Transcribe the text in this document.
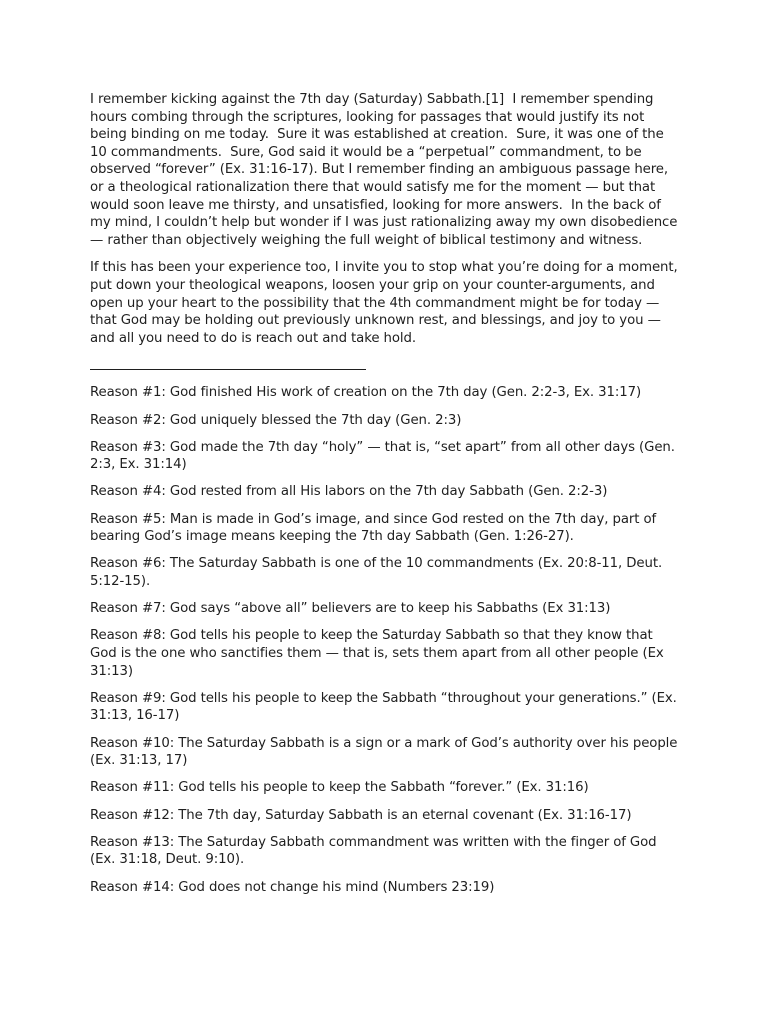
I remember kicking against the 7th day (Saturday) Sabbath.[1]  I remember spending hours combing through the scriptures, looking for passages that would justify its not being binding on me today.  Sure it was established at creation.  Sure, it was one of the 10 commandments.  Sure, God said it would be a “perpetual” commandment, to be observed “forever” (Ex. 31:16-17). But I remember finding an ambiguous passage here, or a theological rationalization there that would satisfy me for the moment — but that would soon leave me thirsty, and unsatisfied, looking for more answers.  In the back of my mind, I couldn’t help but wonder if I was just rationalizing away my own disobedience — rather than objectively weighing the full weight of biblical testimony and witness.

If this has been your experience too, I invite you to stop what you’re doing for a moment, put down your theological weapons, loosen your grip on your counter-arguments, and open up your heart to the possibility that the 4th commandment might be for today — that God may be holding out previously unknown rest, and blessings, and joy to you — and all you need to do is reach out and take hold.

Reason #1: God finished His work of creation on the 7th day (Gen. 2:2-3, Ex. 31:17)

Reason #2: God uniquely blessed the 7th day (Gen. 2:3)

Reason #3: God made the 7th day “holy” — that is, “set apart” from all other days (Gen. 2:3, Ex. 31:14)

Reason #4: God rested from all His labors on the 7th day Sabbath (Gen. 2:2-3)

Reason #5: Man is made in God’s image, and since God rested on the 7th day, part of bearing God’s image means keeping the 7th day Sabbath (Gen. 1:26-27).

Reason #6: The Saturday Sabbath is one of the 10 commandments (Ex. 20:8-11, Deut. 5:12-15).

Reason #7: God says “above all” believers are to keep his Sabbaths (Ex 31:13)

Reason #8: God tells his people to keep the Saturday Sabbath so that they know that God is the one who sanctifies them — that is, sets them apart from all other people (Ex 31:13)

Reason #9: God tells his people to keep the Sabbath “throughout your generations.” (Ex. 31:13, 16-17)

Reason #10: The Saturday Sabbath is a sign or a mark of God’s authority over his people (Ex. 31:13, 17)

Reason #11: God tells his people to keep the Sabbath “forever.” (Ex. 31:16)

Reason #12: The 7th day, Saturday Sabbath is an eternal covenant (Ex. 31:16-17)

Reason #13: The Saturday Sabbath commandment was written with the finger of God (Ex. 31:18, Deut. 9:10).

Reason #14: God does not change his mind (Numbers 23:19)
